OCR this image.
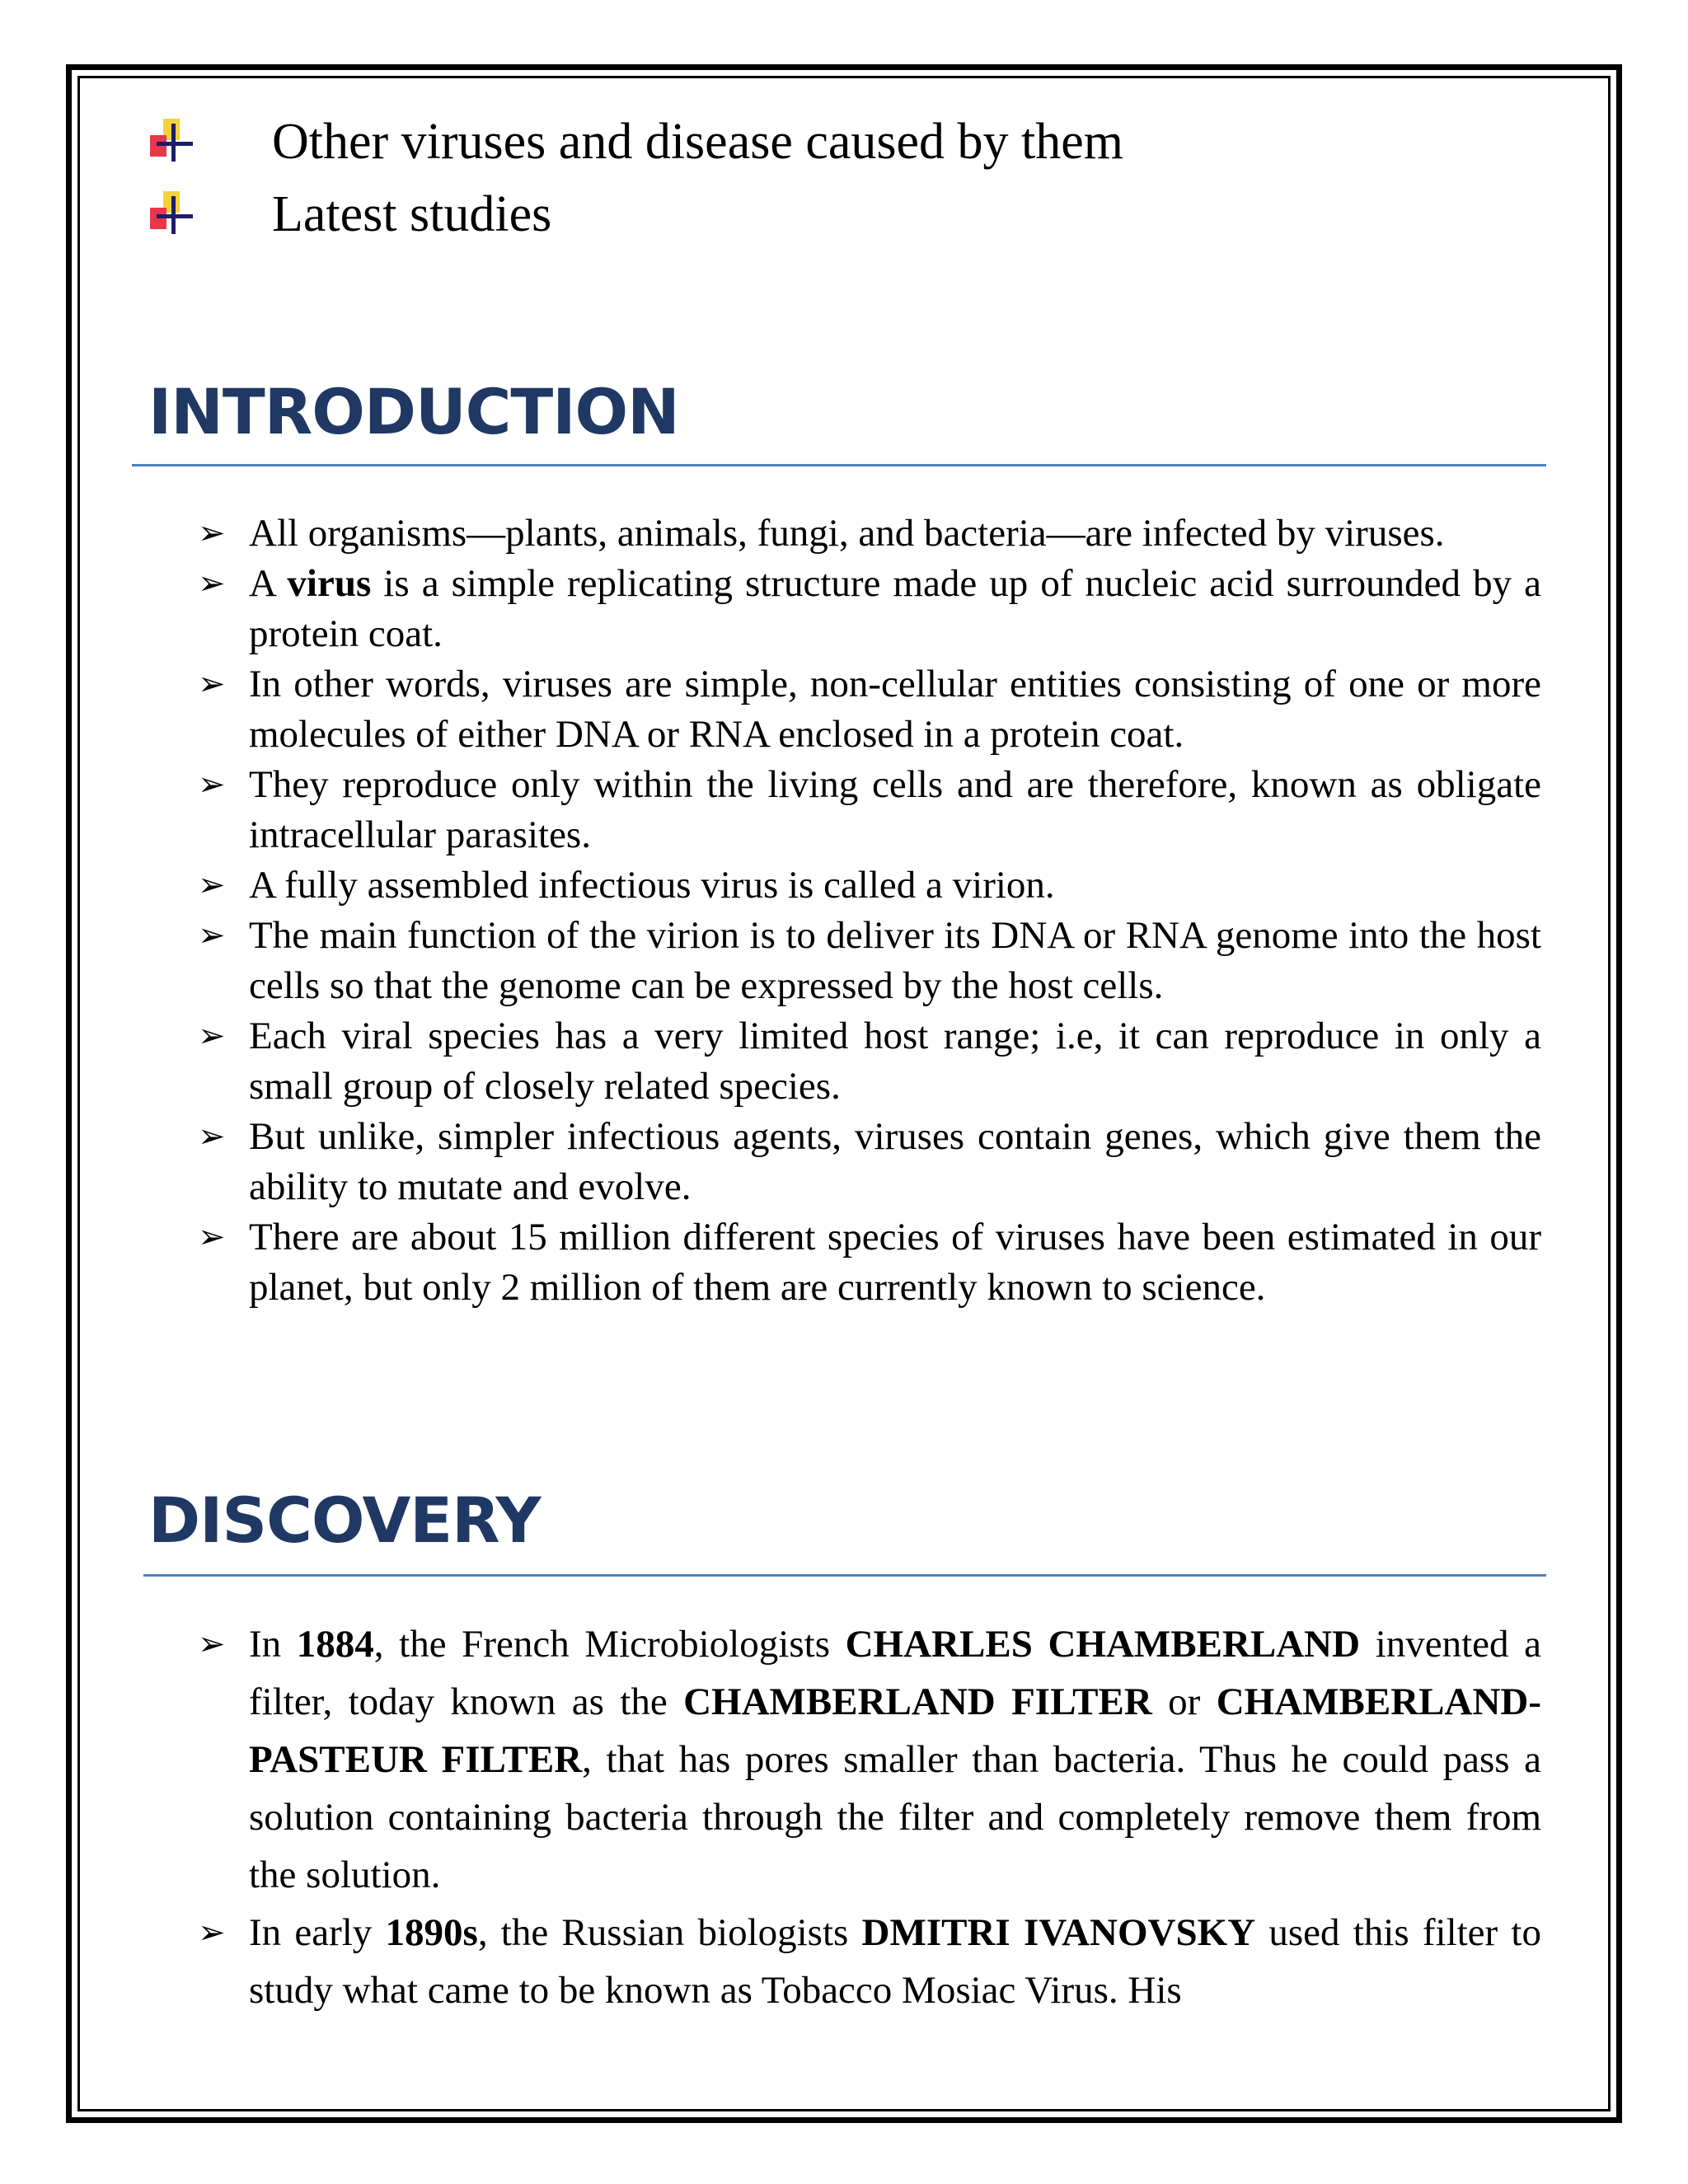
Other viruses and disease caused by them
Latest studies
INTRODUCTION
➢ All organisms—plants, animals, fungi, and bacteria—are infected by viruses.
➢ A virus is a simple replicating structure made up of nucleic acid surrounded by a protein coat.
➢ In other words, viruses are simple, non-cellular entities consisting of one or more molecules of either DNA or RNA enclosed in a protein coat.
➢ They reproduce only within the living cells and are therefore, known as obligate intracellular parasites.
➢ A fully assembled infectious virus is called a virion.
➢ The main function of the virion is to deliver its DNA or RNA genome into the host cells so that the genome can be expressed by the host cells.
➢ Each viral species has a very limited host range; i.e, it can reproduce in only a small group of closely related species.
➢ But unlike, simpler infectious agents, viruses contain genes, which give them the ability to mutate and evolve.
➢ There are about 15 million different species of viruses have been estimated in our planet, but only 2 million of them are currently known to science.
DISCOVERY
➢ In 1884, the French Microbiologists CHARLES CHAMBERLAND invented a filter, today known as the CHAMBERLAND FILTER or CHAMBERLAND-PASTEUR FILTER, that has pores smaller than bacteria. Thus he could pass a solution containing bacteria through the filter and completely remove them from the solution.
➢ In early 1890s, the Russian biologists DMITRI IVANOVSKY used this filter to study what came to be known as Tobacco Mosiac Virus. His
